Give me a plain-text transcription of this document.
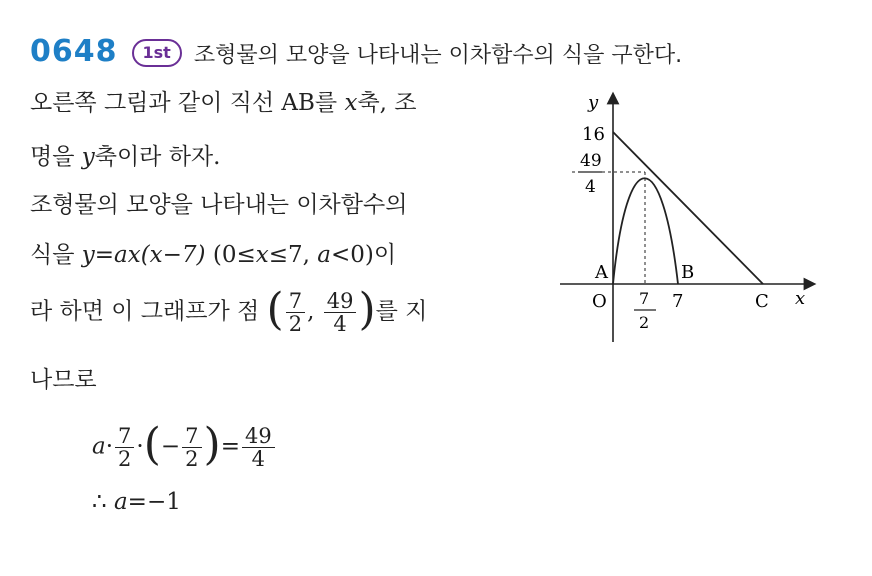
0648	1st	조형물의 모양을 나타내는 이차함수의 식을 구한다.
오른쪽 그림과 같이 직선 AB를 x축, 조
명을 y축이라 하자.
조형물의 모양을 나타내는 이차함수의
식을 y=ax(x−7) (0≤x≤7, a<0)이
라 하면 이 그래프가 점 ( $\frac{7}{2}$ , $\frac{49}{4}$ )를 지
나므로
$a\cdot \frac{7}{2}$ ·(− $\frac{7}{2}$ )= $\frac{49}{4}$
∴ a=−1
y
16
49
4
A	B
O 7
2
7	C x
